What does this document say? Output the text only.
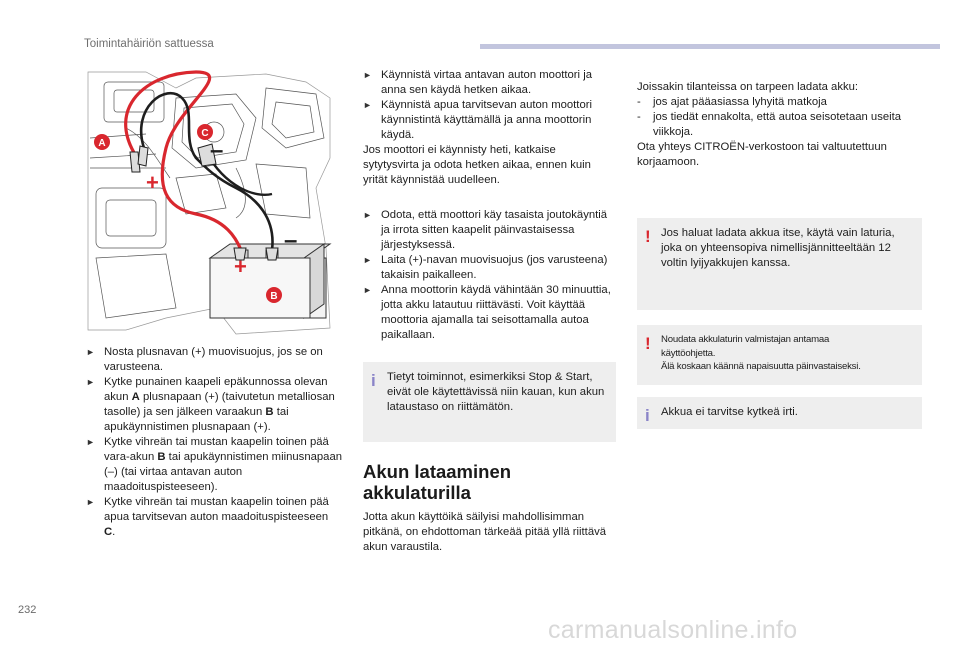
Toimintahäiriön sattuessa
A
C
B
+
+
–
–
► Nosta plusnavan (+) muovisuojus, jos se on varusteena.
► Kytke punainen kaapeli epäkunnossa olevan akun A plusnapaan (+) (taivutetun metalliosan tasolle) ja sen jälkeen varaakun B tai apukäynnistimen plusnapaan (+).
► Kytke vihreän tai mustan kaapelin toinen pää vara-akun B tai apukäynnistimen miinusnapaan (–) (tai virtaa antavan auton maadoituspisteeseen).
► Kytke vihreän tai mustan kaapelin toinen pää apua tarvitsevan auton maadoituspisteeseen C.
► Käynnistä virtaa antavan auton moottori ja anna sen käydä hetken aikaa.
► Käynnistä apua tarvitsevan auton moottori käynnistintä käyttämällä ja anna moottorin käydä.

Jos moottori ei käynnisty heti, katkaise sytytysvirta ja odota hetken aikaa, ennen kuin yrität käynnistää uudelleen.

► Odota, että moottori käy tasaista joutokäyntiä ja irrota sitten kaapelit päinvastaisessa järjestyksessä.
► Laita (+)-navan muovisuojus (jos varusteena) takaisin paikalleen.
► Anna moottorin käydä vähintään 30 minuuttia, jotta akku latautuu riittävästi. Voit käyttää moottoria ajamalla tai seisottamalla autoa paikallaan.
i Tietyt toiminnot, esimerkiksi Stop & Start, eivät ole käytettävissä niin kauan, kun akun lataustaso on riittämätön.
Akun lataaminen
akkulaturilla

Jotta akun käyttöikä säilyisi mahdollisimman pitkänä, on ehdottoman tärkeää pitää yllä riittävä akun varaustila.

Joissakin tilanteissa on tarpeen ladata akku:

-	jos ajat pääasiassa lyhyitä matkoja
-	jos tiedät ennakolta, että autoa seisotetaan useita viikkoja.

Ota yhteys CITROËN-verkostoon tai valtuutettuun korjaamoon.

! Jos haluat ladata akkua itse, käytä vain laturia, joka on yhteensopiva nimellisjännitteeltään 12 voltin lyijyakkujen kanssa.
! Noudata akkulaturin valmistajan antamaa
käyttöohjetta.
Älä koskaan käännä napaisuutta päinvastaiseksi.
i Akkua ei tarvitse kytkeä irti.
232
carmanualsonline.info
